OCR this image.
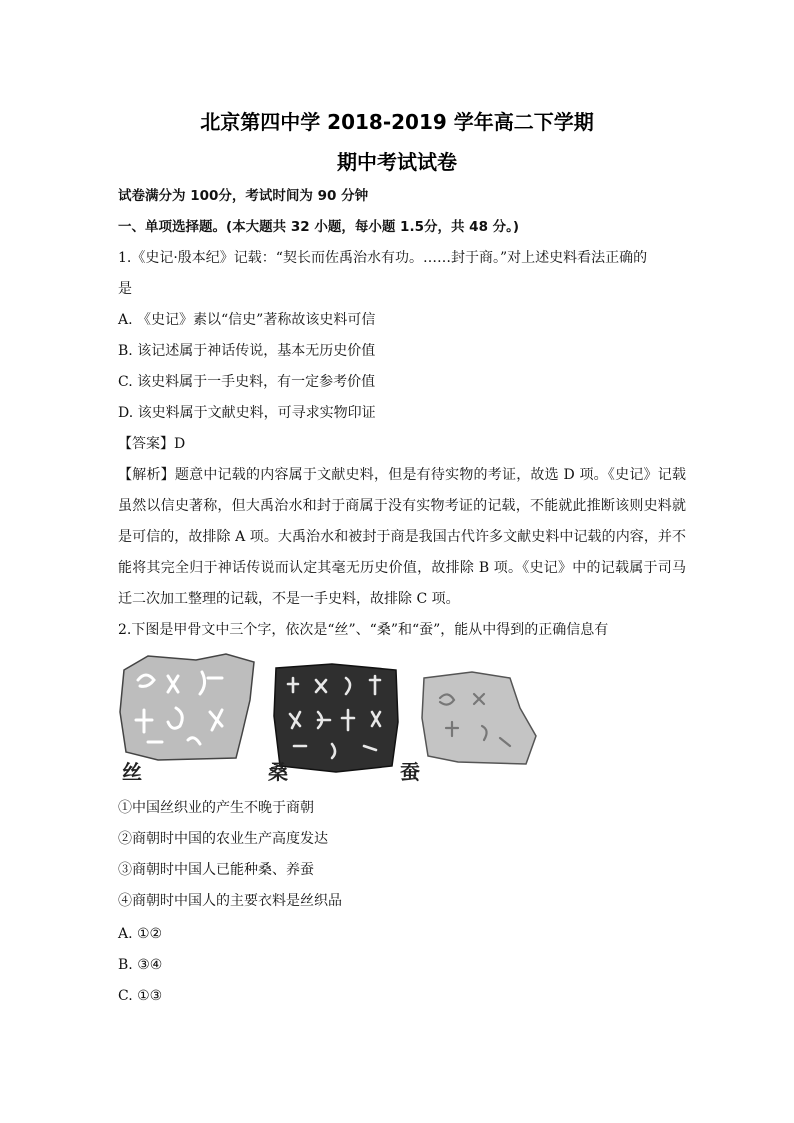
北京第四中学 2018-2019 学年高二下学期
期中考试试卷
试卷满分为 100分，考试时间为 90 分钟
一、单项选择题。(本大题共 32 小题，每小题 1.5分，共 48 分。)
1.《史记·殷本纪》记载：“契长而佐禹治水有功。……封于商。”对上述史料看法正确的
是
A. 《史记》素以“信史”著称故该史料可信
B. 该记述属于神话传说，基本无历史价值
C. 该史料属于一手史料，有一定参考价值
D. 该史料属于文献史料，可寻求实物印证
【答案】D
【解析】题意中记载的内容属于文献史料，但是有待实物的考证，故选 D 项。《史记》记载虽然以信史著称，但大禹治水和封于商属于没有实物考证的记载，不能就此推断该则史料就是可信的，故排除 A 项。大禹治水和被封于商是我国古代许多文献史料中记载的内容，并不能将其完全归于神话传说而认定其毫无历史价值，故排除 B 项。《史记》中的记载属于司马迁二次加工整理的记载，不是一手史料，故排除 C 项。
2.下图是甲骨文中三个字，依次是“丝”、“桑”和“蚕”，能从中得到的正确信息有
丝	桑	蚕
①中国丝织业的产生不晚于商朝
②商朝时中国的农业生产高度发达
③商朝时中国人已能种桑、养蚕
④商朝时中国人的主要衣料是丝织品
A. ①②
B. ③④
C. ①③
